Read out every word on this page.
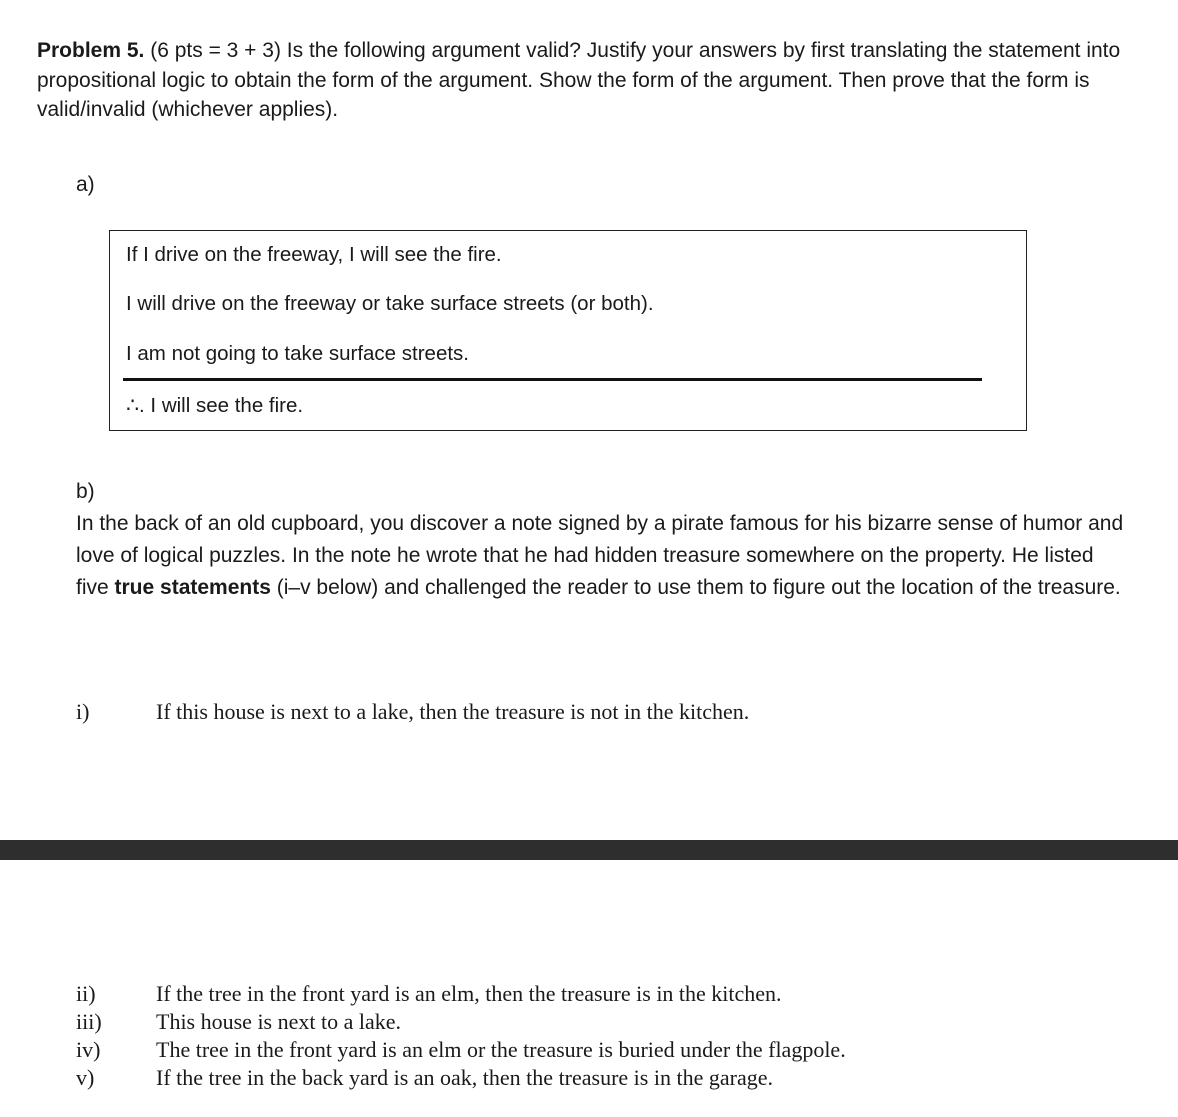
Problem 5. (6 pts = 3 + 3) Is the following argument valid? Justify your answers by first translating the statement into propositional logic to obtain the form of the argument. Show the form of the argument. Then prove that the form is valid/invalid (whichever applies).
a)
If I drive on the freeway, I will see the fire.
I will drive on the freeway or take surface streets (or both).
I am not going to take surface streets.
∴. I will see the fire.
b)
In the back of an old cupboard, you discover a note signed by a pirate famous for his bizarre sense of humor and love of logical puzzles. In the note he wrote that he had hidden treasure somewhere on the property. He listed five true statements (i–v below) and challenged the reader to use them to figure out the location of the treasure.
i)	If this house is next to a lake, then the treasure is not in the kitchen.
ii)	If the tree in the front yard is an elm, then the treasure is in the kitchen.
iii) This house is next to a lake.
iv)	The tree in the front yard is an elm or the treasure is buried under the flagpole.
v)	If the tree in the back yard is an oak, then the treasure is in the garage.
